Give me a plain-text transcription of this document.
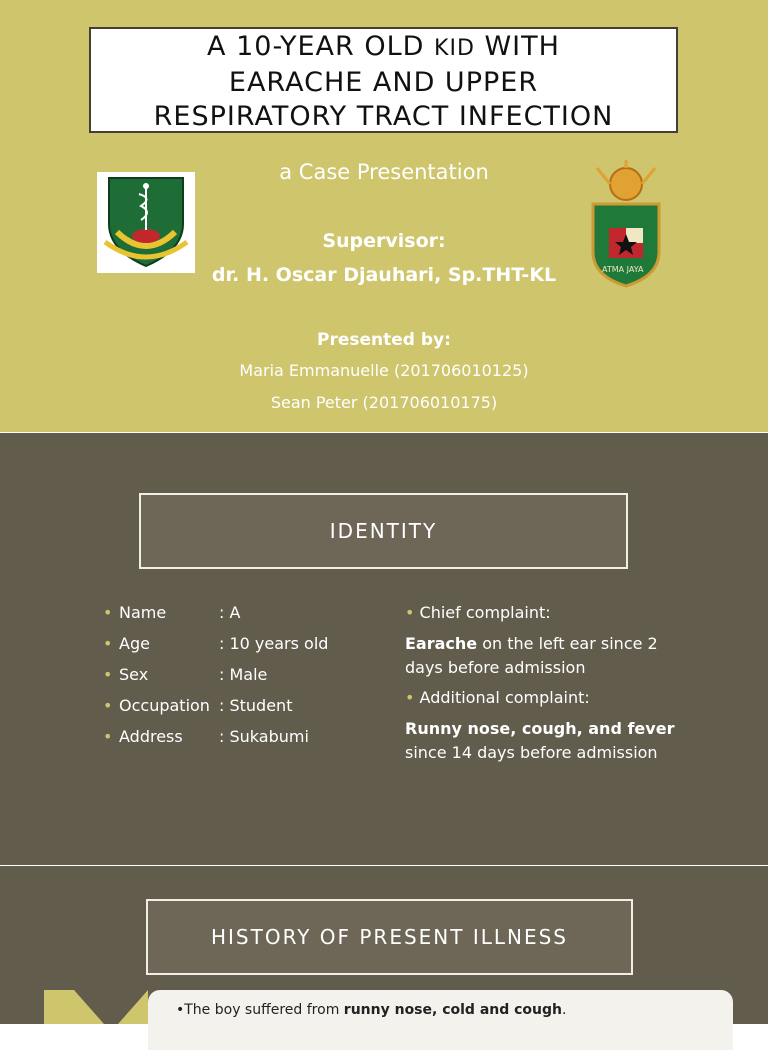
A 10-YEAR OLD KID WITH
EARACHE AND UPPER
RESPIRATORY TRACT INFECTION
a Case Presentation
Supervisor:
dr. H. Oscar Djauhari, Sp.THT-KL
Presented by:
Maria Emmanuelle (201706010125)
Sean Peter (201706010175)
ATMA JAYA
IDENTITY
• Name	: A
• Age	: 10 years old
• Sex	: Male
• Occupation : Student
• Address : Sukabumi
• Chief complaint:
Earache on the left ear since 2
days before admission
• Additional complaint:
Runny nose, cough, and fever
since 14 days before admission
HISTORY OF PRESENT ILLNESS
•The boy suffered from runny nose, cold and cough.
